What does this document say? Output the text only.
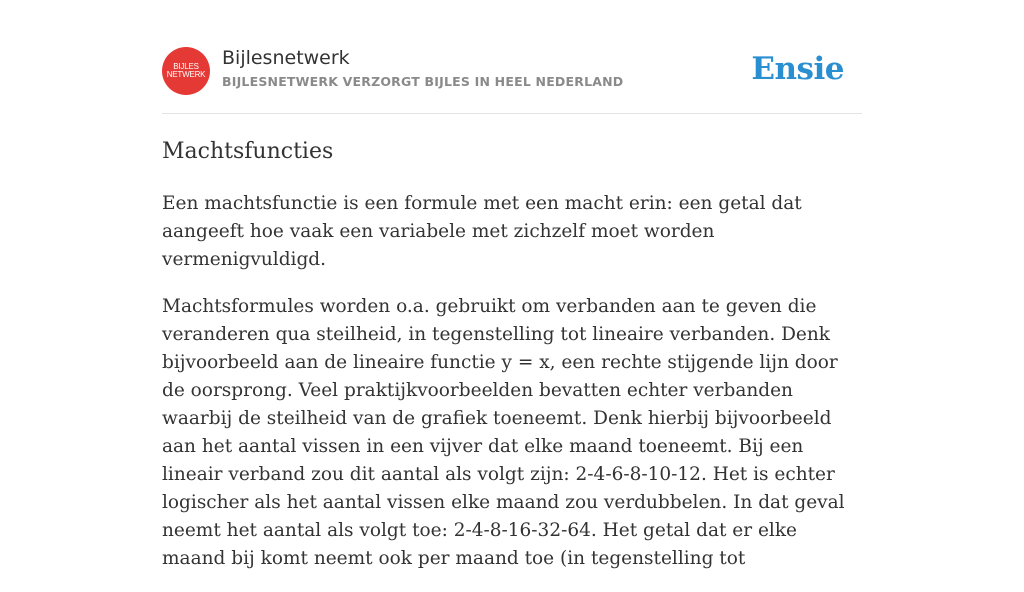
BIJLES
NETWERK
Bijlesnetwerk
BIJLESNETWERK VERZORGT BIJLES IN HEEL NEDERLAND	Ensie
Machtsfuncties

Een machtsfunctie is een formule met een macht erin: een getal dat aangeeft hoe vaak een variabele met zichzelf moet worden vermenigvuldigd.

Machtsformules worden o.a. gebruikt om verbanden aan te geven die veranderen qua steilheid, in tegenstelling tot lineaire verbanden. Denk bijvoorbeeld aan de lineaire functie y = x, een rechte stijgende lijn door de oorsprong. Veel praktijkvoorbeelden bevatten echter verbanden waarbij de steilheid van de grafiek toeneemt. Denk hierbij bijvoorbeeld aan het aantal vissen in een vijver dat elke maand toeneemt. Bij een lineair verband zou dit aantal als volgt zijn: 2-4-6-8-10-12. Het is echter logischer als het aantal vissen elke maand zou verdubbelen. In dat geval neemt het aantal als volgt toe: 2-4-8-16-32-64. Het getal dat er elke maand bij komt neemt ook per maand toe (in tegenstelling tot
